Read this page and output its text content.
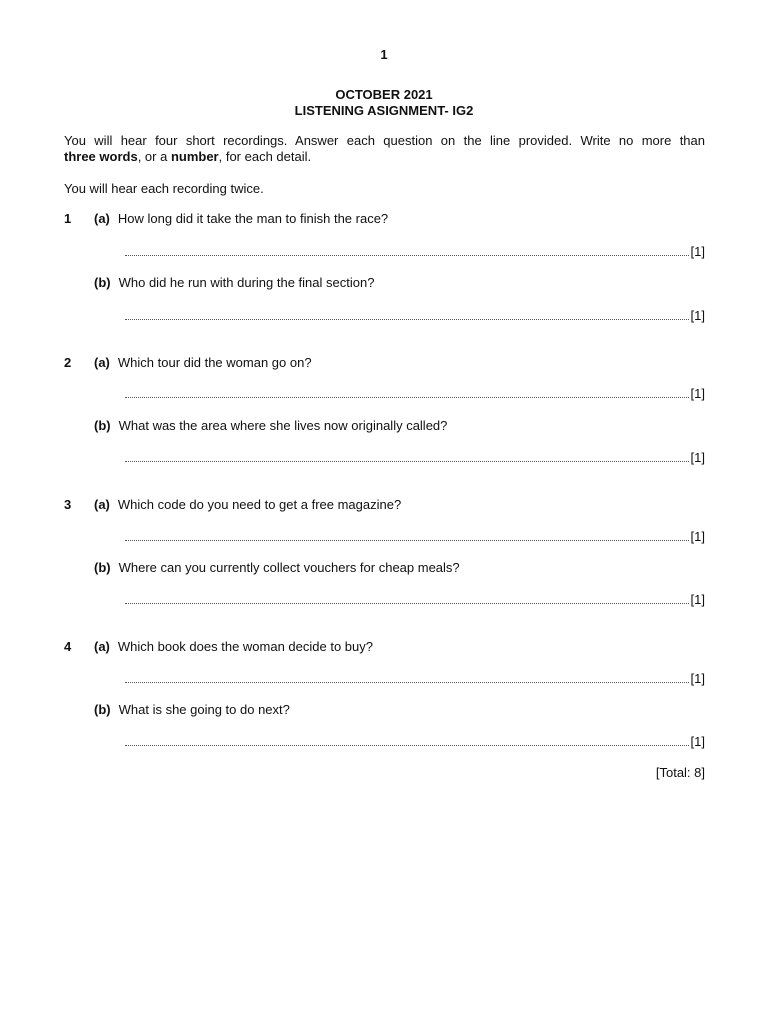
1
OCTOBER 2021
LISTENING ASIGNMENT- IG2
You will hear four short recordings. Answer each question on the line provided. Write no more than
three words, or a number, for each detail.
You will hear each recording twice.
1 (a) How long did it take the man to finish the race?
[1]
(b) Who did he run with during the final section?
[1]
2 (a) Which tour did the woman go on?
[1]
(b) What was the area where she lives now originally called?
[1]
3 (a) Which code do you need to get a free magazine?
[1]
(b) Where can you currently collect vouchers for cheap meals?
[1]
4 (a) Which book does the woman decide to buy?
[1]
(b) What is she going to do next?
[1]
[Total: 8]
